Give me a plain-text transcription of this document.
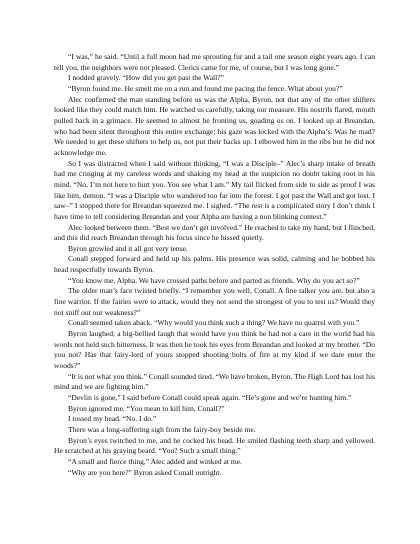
“I was,” he said. “Until a full moon had me sprouting fur and a tail one season eight years ago. I can tell you, the neighbors were not pleased. Clerics came for me, of course, but I was long gone.”

I nodded gravely. “How did you get past the Wall?”

“Byron found me. He smelt me on a run and found me pacing the fence. What about you?”

Alec confirmed the man standing before us was the Alpha, Byron, not that any of the other shifters looked like they could match him. He watched us carefully, taking our measure. His nostrils flared, mouth pulled back in a grimace. He seemed to almost be fronting us, goading us on. I looked up at Breandan, who had been silent throughout this entire exchange; his gaze was locked with the Alpha’s. Was he mad? We needed to get these shifters to help us, not put their backs up. I elbowed him in the ribs but he did not acknowledge me.

So I was distracted when I said without thinking, “I was a Disciple–” Alec’s sharp intake of breath had me cringing at my careless words and shaking my head at the suspicion no doubt taking root in his mind. “No, I’m not here to hurt you. You see what I am.” My tail flicked from side to side as proof I was like him, demon. “I was a Disciple who wandered too far into the forest. I got past the Wall and got lost. I saw–” I stopped there for Breandan squeezed me. I sighed. “The rest is a complicated story I don’t think I have time to tell considering Breandan and your Alpha are having a non blinking contest.”

Alec looked between them. “Best we don’t get involved.” He reached to take my hand, but I flinched, and this did reach Breandan through his focus since he hissed quietly.

Byron growled and it all got very tense.

Conall stepped forward and held up his palms. His presence was solid, calming and he bobbed his head respectfully towards Byron.

“You know me, Alpha. We have crossed paths before and parted as friends. Why do you act so?”

The older man’s face twisted briefly. “I remember you well, Conall. A fine talker you are, but also a fine warrior. If the fairies were to attack, would they not send the strongest of you to test us? Would they not sniff out our weakness?”

Conall seemed taken aback. “Why would you think such a thing? We have no quarrel with you.”

Byron laughed; a big-bellied laugh that would have you think he had not a care in the world had his words not held such bitterness. It was then he took his eyes from Breandan and looked at my brother. “Do you not? Has that fairy-lord of yours stopped shooting bolts of fire at my kind if we dare enter the woods?”

“It is not what you think.” Conall sounded tired. “We have broken, Byron. The High Lord has lost his mind and we are fighting him.”

“Devlin is gone,” I said before Conall could speak again. “He’s gone and we’re hunting him.”

Byron ignored me. “You mean to kill him, Conall?”

I tossed my head. “No. I do.”

There was a long-suffering sigh from the fairy-boy beside me.

Byron’s eyes twitched to me, and he cocked his head. He smiled flashing teeth sharp and yellowed. He scratched at his graying beard. “You? Such a small thing.”

“A small and fierce thing,” Alec added and winked at me.

“Why are you here?” Byron asked Conall outright.
